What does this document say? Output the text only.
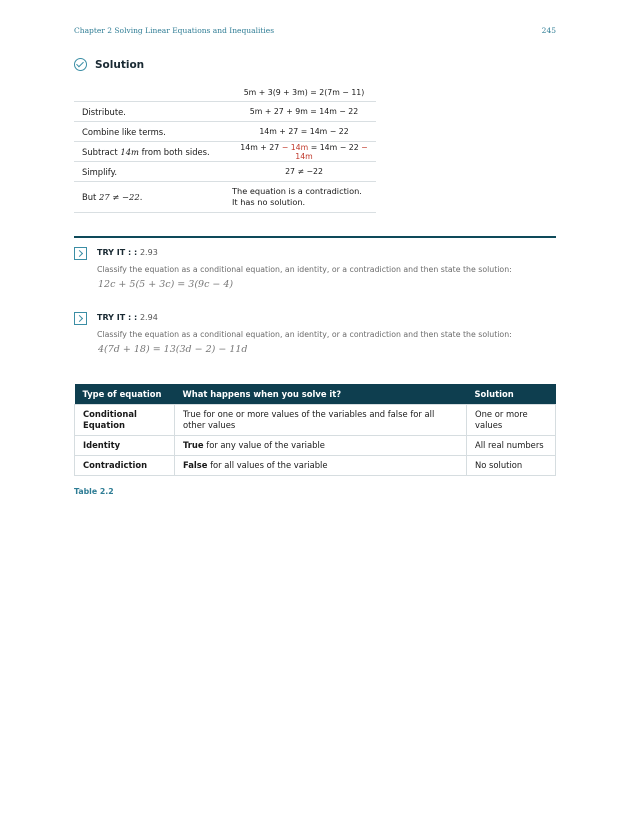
Chapter 2 Solving Linear Equations and Inequalities	245
Solution
	5m + 3(9 + 3m) = 2(7m − 11)
Distribute.	5m + 27 + 9m = 14m − 22
Combine like terms.	14m + 27 = 14m − 22
Subtract 14m from both sides.	14m + 27 − 14m = 14m − 22 − 14m
Simplify.	27 ≠ −22
But 27 ≠ −22.	The equation is a contradiction.
It has no solution.
TRY IT : : 2.93
Classify the equation as a conditional equation, an identity, or a contradiction and then state the solution:
12c + 5(5 + 3c) = 3(9c − 4)
TRY IT : : 2.94
Classify the equation as a conditional equation, an identity, or a contradiction and then state the solution:
4(7d + 18) = 13(3d − 2) − 11d
Type of equation	What happens when you solve it?	Solution
Conditional Equation	True for one or more values of the variables and false for all other values	One or more values
Identity	True for any value of the variable	All real numbers
Contradiction	False for all values of the variable	No solution
Table 2.2
